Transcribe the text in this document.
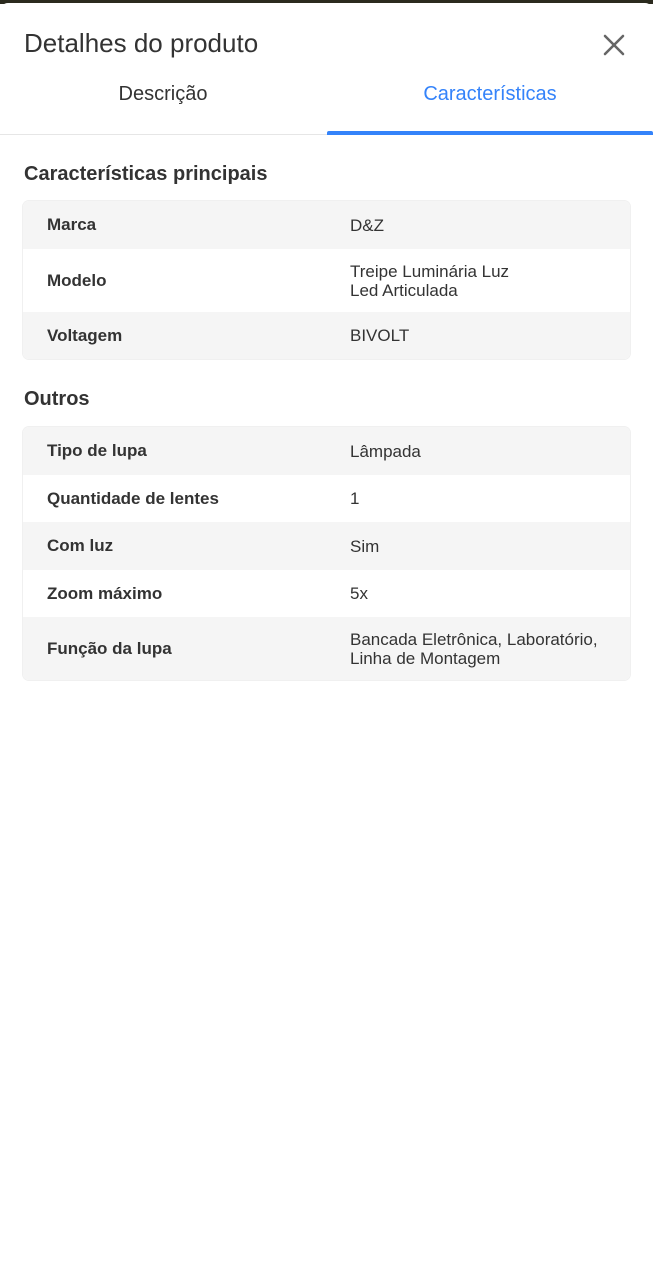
Detalhes do produto
Descrição	Características
Características principais
Marca	D&Z
Modelo	Treipe Luminária Luz
Led Articulada
Voltagem	BIVOLT
Outros
Tipo de lupa	Lâmpada
Quantidade de lentes	1
Com luz	Sim
Zoom máximo	5x
Função da lupa	Bancada Eletrônica, Laboratório,
Linha de Montagem
